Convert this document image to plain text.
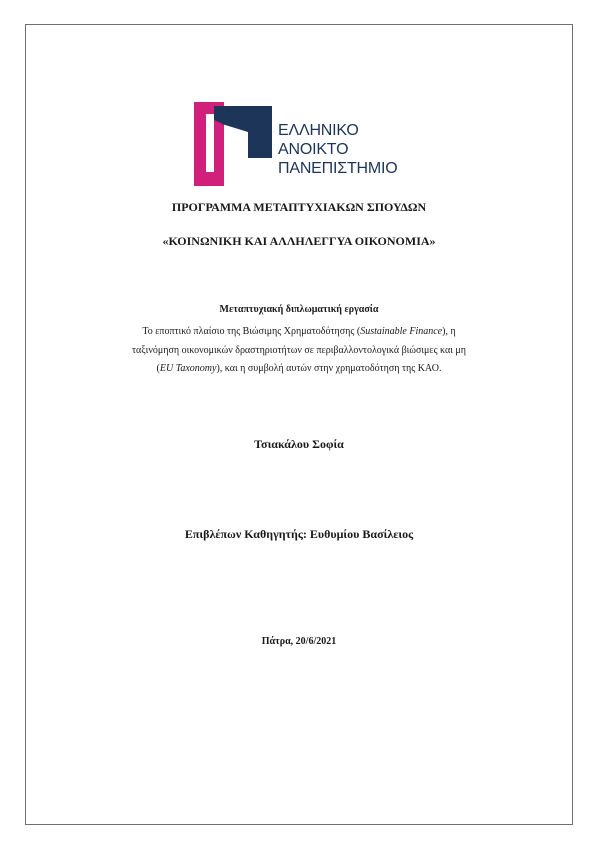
ΕΛΛΗΝΙΚΟ
ΑΝΟΙΚΤΟ
ΠΑΝΕΠΙΣΤΗΜΙΟ
ΠΡΟΓΡΑΜΜΑ ΜΕΤΑΠΤΥΧΙΑΚΩΝ ΣΠΟΥΔΩΝ
«ΚΟΙΝΩΝΙΚΗ ΚΑΙ ΑΛΛΗΛΕΓΓΥΑ ΟΙΚΟΝΟΜΙΑ»
Μεταπτυχιακή διπλωματική εργασία
Το εποπτικό πλαίσιο της Βιώσιμης Χρηματοδότησης (Sustainable Finance), η
ταξινόμηση οικονομικών δραστηριοτήτων σε περιβαλλοντολογικά βιώσιμες και μη
(EU Taxonomy), και η συμβολή αυτών στην χρηματοδότηση της ΚΑΟ.
Τσιακάλου Σοφία
Επιβλέπων Καθηγητής: Ευθυμίου Βασίλειος
Πάτρα, 20/6/2021
